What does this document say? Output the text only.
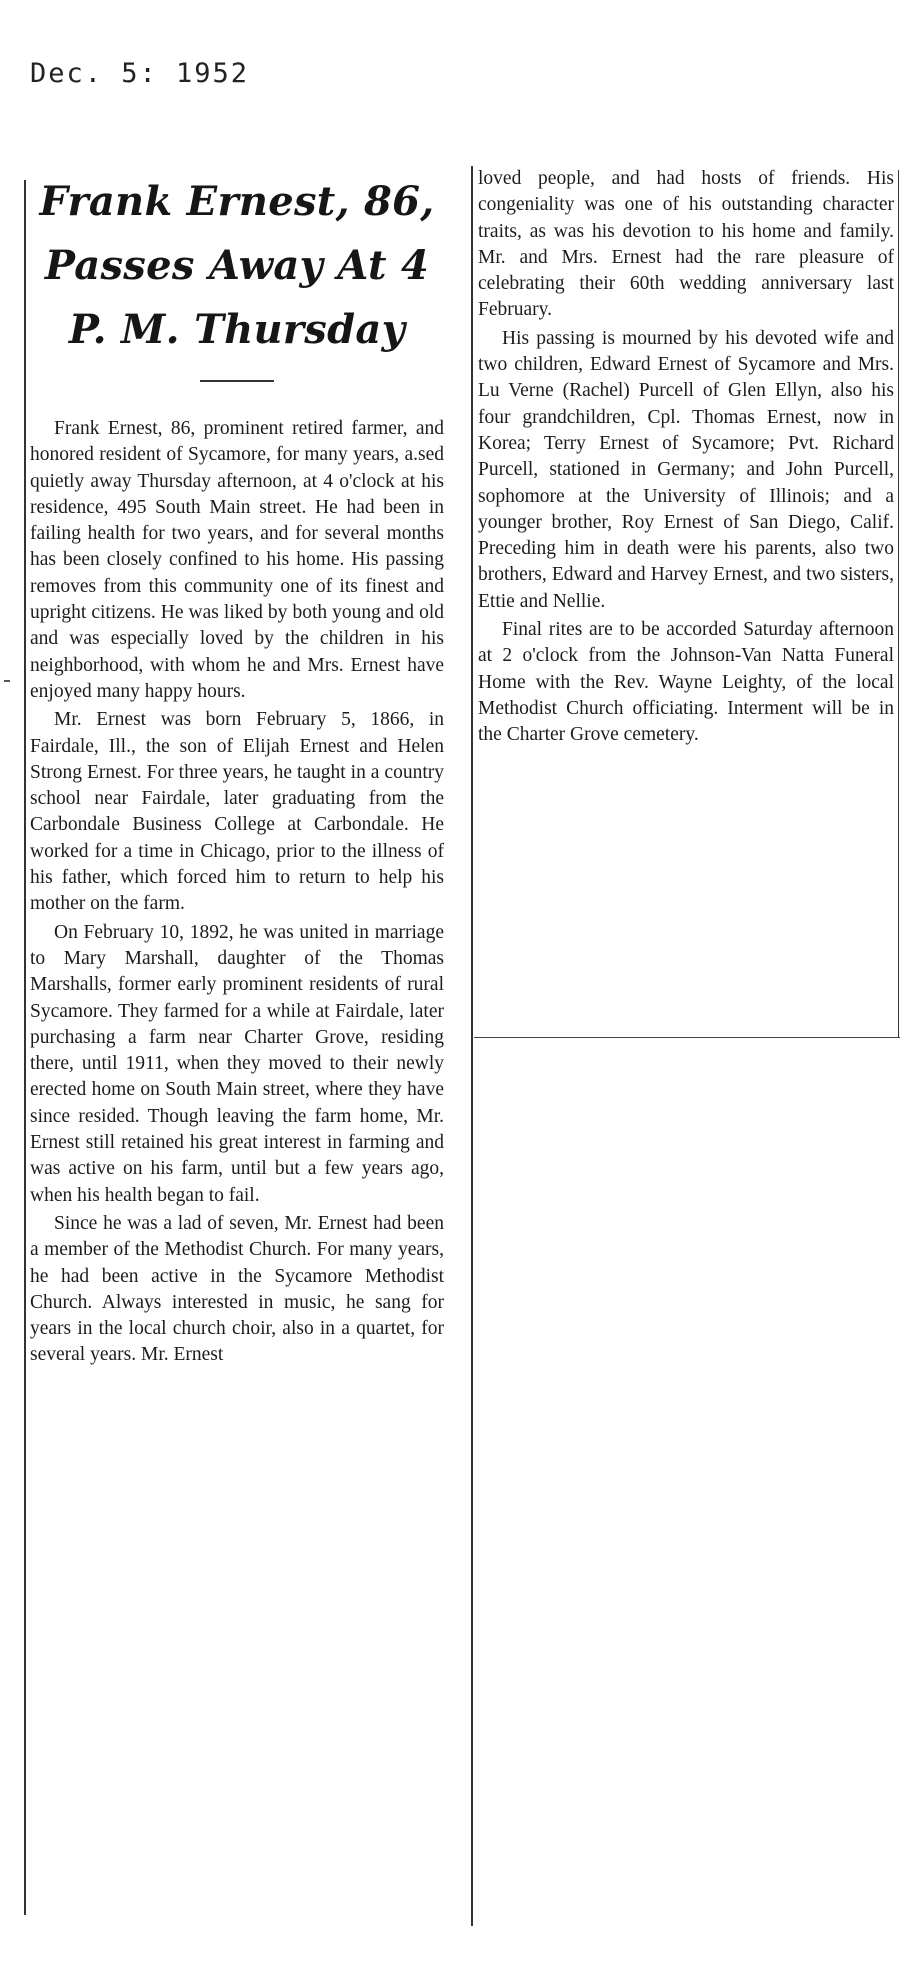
Dec. 5: 1952
Frank Ernest, 86, Passes Away At 4 P. M. Thursday

Frank Ernest, 86, prominent retired farmer, and honored resident of Sycamore, for many years, a.sed quietly away Thursday afternoon, at 4 o'clock at his residence, 495 South Main street. He had been in failing health for two years, and for several months has been closely confined to his home. His passing removes from this community one of its finest and upright citizens. He was liked by both young and old and was especially loved by the children in his neighborhood, with whom he and Mrs. Ernest have enjoyed many happy hours.

Mr. Ernest was born February 5, 1866, in Fairdale, Ill., the son of Elijah Ernest and Helen Strong Ernest. For three years, he taught in a country school near Fairdale, later graduating from the Carbondale Business College at Carbondale. He worked for a time in Chicago, prior to the illness of his father, which forced him to return to help his mother on the farm.

On February 10, 1892, he was united in marriage to Mary Marshall, daughter of the Thomas Marshalls, former early prominent residents of rural Sycamore. They farmed for a while at Fairdale, later purchasing a farm near Charter Grove, residing there, until 1911, when they moved to their newly erected home on South Main street, where they have since resided. Though leaving the farm home, Mr. Ernest still retained his great interest in farming and was active on his farm, until but a few years ago, when his health began to fail.

Since he was a lad of seven, Mr. Ernest had been a member of the Methodist Church. For many years, he had been active in the Sycamore Methodist Church. Always interested in music, he sang for years in the local church choir, also in a quartet, for several years. Mr. Ernest

loved people, and had hosts of friends. His congeniality was one of his outstanding character traits, as was his devotion to his home and family. Mr. and Mrs. Ernest had the rare pleasure of celebrating their 60th wedding anniversary last February.

His passing is mourned by his devoted wife and two children, Edward Ernest of Sycamore and Mrs. Lu Verne (Rachel) Purcell of Glen Ellyn, also his four grandchildren, Cpl. Thomas Ernest, now in Korea; Terry Ernest of Sycamore; Pvt. Richard Purcell, stationed in Germany; and John Purcell, sophomore at the University of Illinois; and a younger brother, Roy Ernest of San Diego, Calif. Preceding him in death were his parents, also two brothers, Edward and Harvey Ernest, and two sisters, Ettie and Nellie.

Final rites are to be accorded Saturday afternoon at 2 o'clock from the Johnson-Van Natta Funeral Home with the Rev. Wayne Leighty, of the local Methodist Church officiating. Interment will be in the Charter Grove cemetery.
